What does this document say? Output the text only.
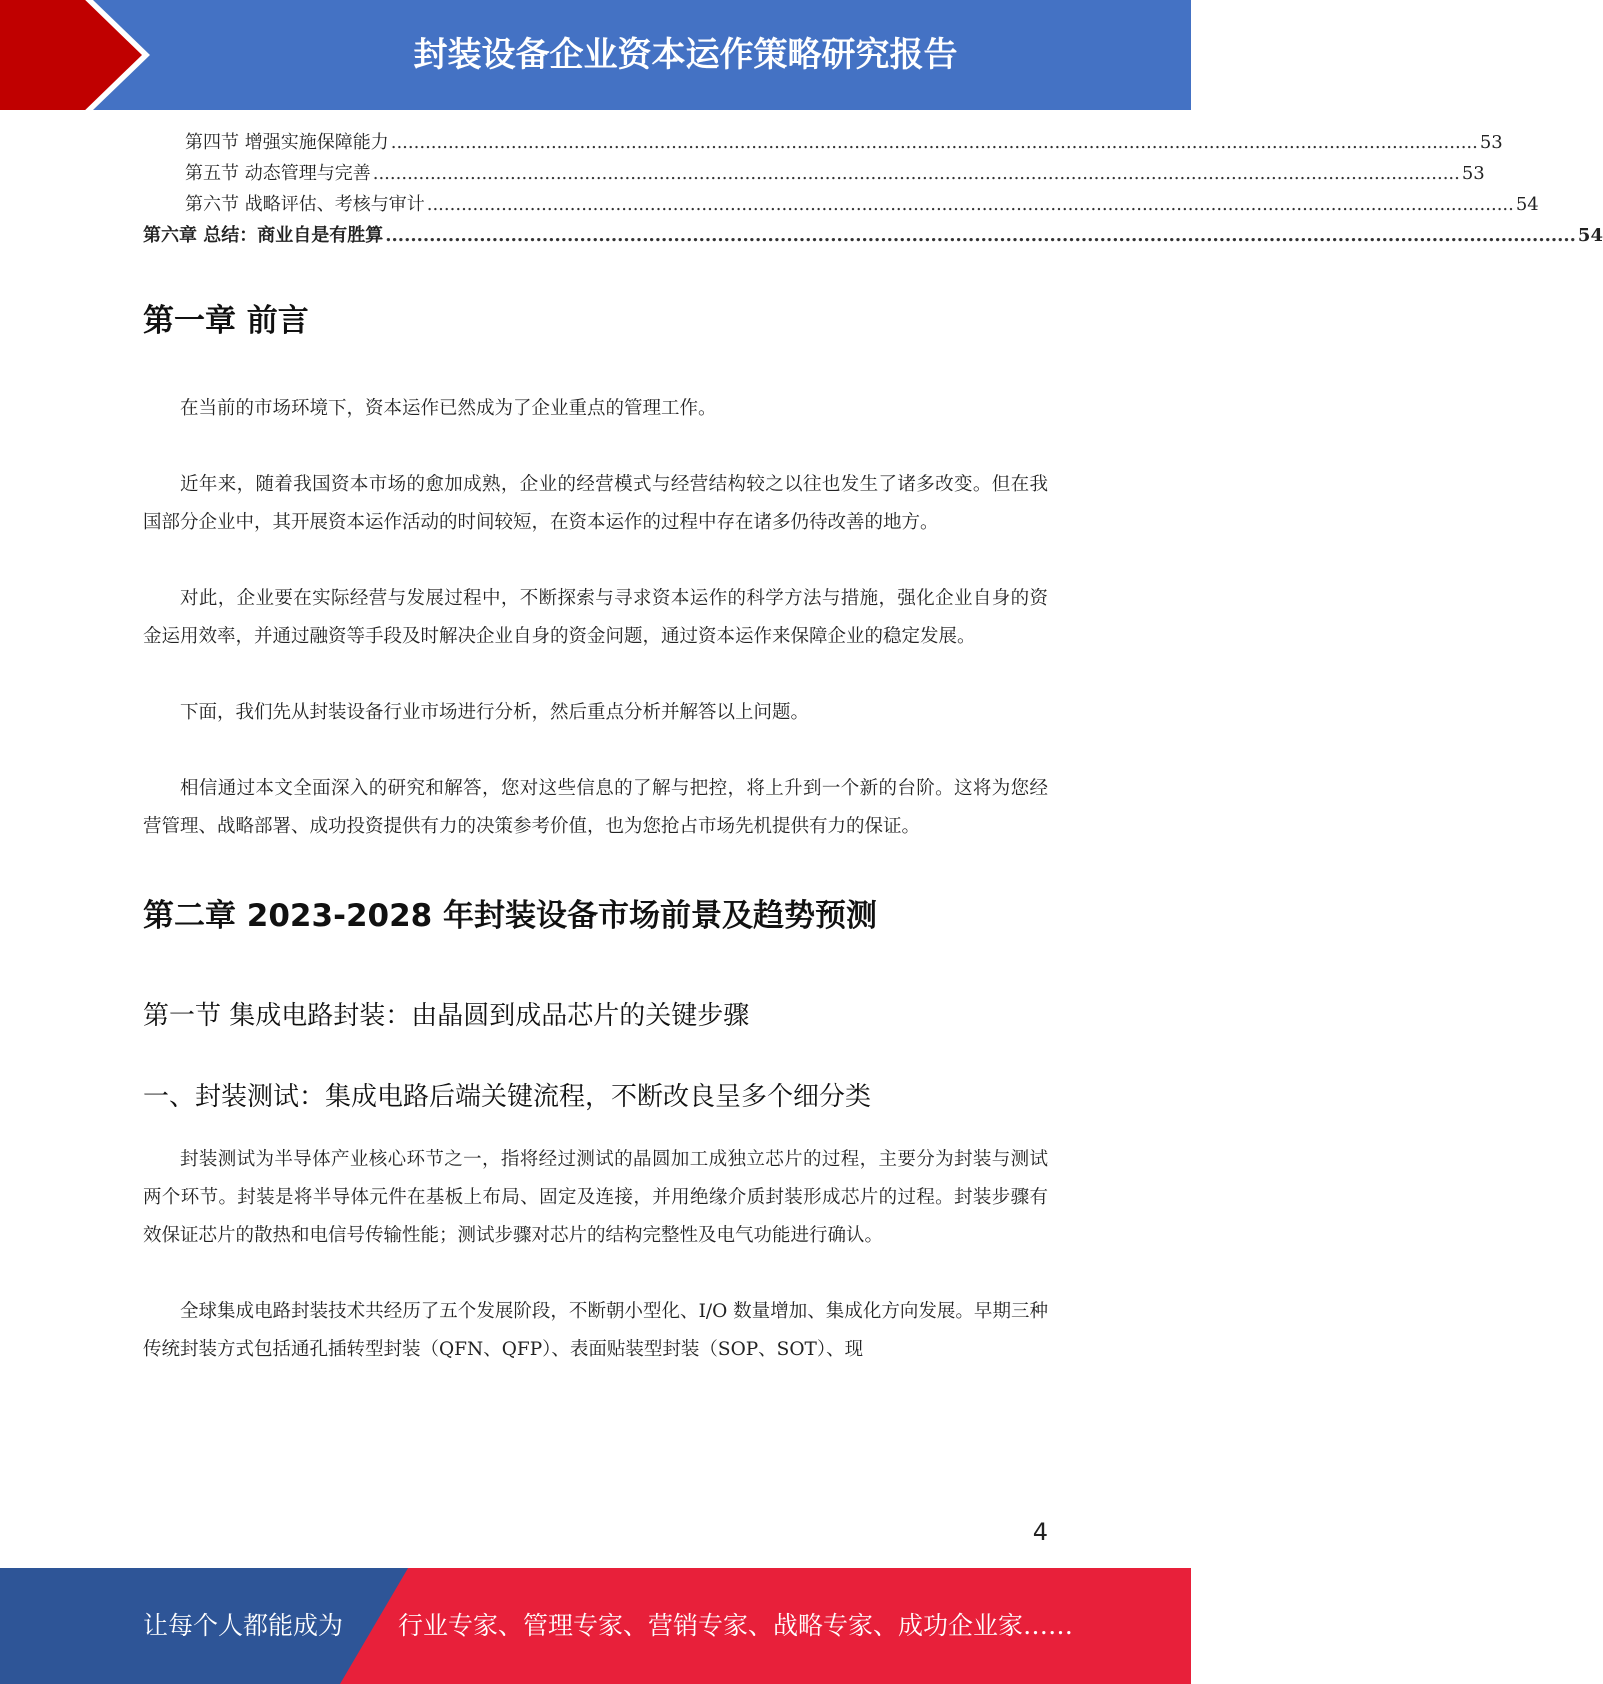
封装设备企业资本运作策略研究报告
第四节 增强实施保障能力 .............................................................................................................................................................................................. 53
第五节 动态管理与完善 .............................................................................................................................................................................................. 53
第六节 战略评估、考核与审计 .............................................................................................................................................................................................. 54
第六章 总结：商业自是有胜算 .............................................................................................................................................................................................. 54
第一章 前言

在当前的市场环境下，资本运作已然成为了企业重点的管理工作。

近年来，随着我国资本市场的愈加成熟，企业的经营模式与经营结构较之以往也发生了诸多改变。但在我国部分企业中，其开展资本运作活动的时间较短，在资本运作的过程中存在诸多仍待改善的地方。

对此，企业要在实际经营与发展过程中，不断探索与寻求资本运作的科学方法与措施，强化企业自身的资金运用效率，并通过融资等手段及时解决企业自身的资金问题，通过资本运作来保障企业的稳定发展。

下面，我们先从封装设备行业市场进行分析，然后重点分析并解答以上问题。

相信通过本文全面深入的研究和解答，您对这些信息的了解与把控，将上升到一个新的台阶。这将为您经营管理、战略部署、成功投资提供有力的决策参考价值，也为您抢占市场先机提供有力的保证。

第二章 2023-2028 年封装设备市场前景及趋势预测
第一节 集成电路封装：由晶圆到成品芯片的关键步骤
一、封装测试：集成电路后端关键流程，不断改良呈多个细分类

封装测试为半导体产业核心环节之一，指将经过测试的晶圆加工成独立芯片的过程，主要分为封装与测试两个环节。封装是将半导体元件在基板上布局、固定及连接，并用绝缘介质封装形成芯片的过程。封装步骤有效保证芯片的散热和电信号传输性能；测试步骤对芯片的结构完整性及电气功能进行确认。

全球集成电路封装技术共经历了五个发展阶段，不断朝小型化、I/O 数量增加、集成化方向发展。早期三种传统封装方式包括通孔插转型封装（QFN、QFP）、表面贴装型封装（SOP、SOT）、现

4
让每个人都能成为 行业专家、管理专家、营销专家、战略专家、成功企业家……
